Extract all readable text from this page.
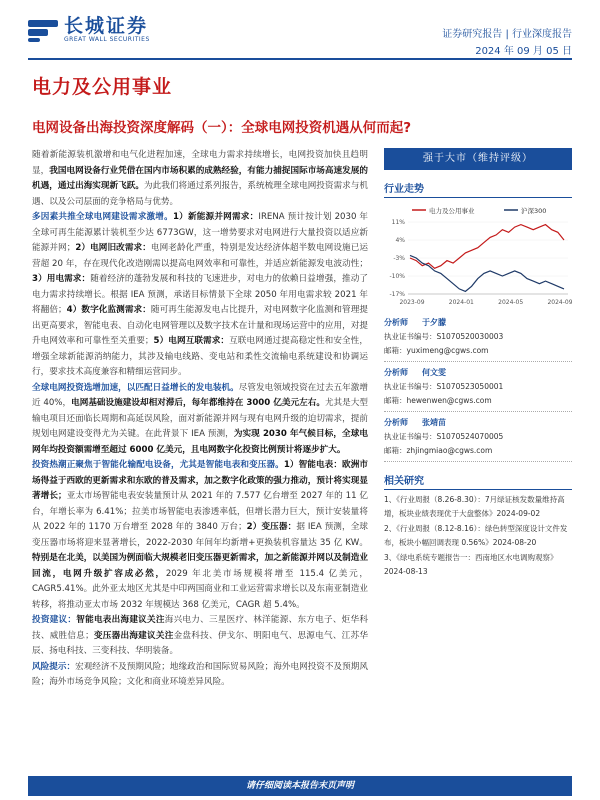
长城证券
GREAT WALL SECURITIES	证券研究报告 | 行业深度报告
2024 年 09 月 05 日
电力及公用事业
电网设备出海投资深度解码（一）：全球电网投资机遇从何而起?

随着新能源装机激增和电气化进程加速，全球电力需求持续增长，电网投资加快且趋明显，我国电网设备行业凭借在国内市场积累的成熟经验，有能力捕捉国际市场高速发展的机遇，通过出海实现新飞跃。为此我们将通过系列报告，系统梳理全球电网投资需求与机遇、以及公司层面的竞争格局与优势。

多因素共推全球电网建设需求激增。1）新能源并网需求：IRENA 预计按计划 2030 年全球可再生能源累计装机至少达 6773GW，这一增势要求对电网进行大量投资以适应新能源并网；2）电网旧改需求：电网老龄化严重，特别是发达经济体超半数电网设施已运营超 20 年，存在现代化改造刚需以提高电网效率和可靠性，并适应新能源发电波动性；3）用电需求：随着经济的蓬勃发展和科技的飞速进步，对电力的依赖日益增强，推动了电力需求持续增长。根据 IEA 预测，承诺目标情景下全球 2050 年用电需求较 2021 年将翻倍；4）数字化监测需求：随可再生能源发电占比提升，对电网数字化监测和管理提出更高要求，智能电表、自动化电网管理以及数字技术在计量和现场运营中的应用，对提升电网效率和可靠性至关重要；5）电网互联需求：互联电网通过提高稳定性和安全性，增强全球新能源消纳能力，其涉及输电线路、变电站和柔性交流输电系统建设和协调运行，要求技术高度兼容和精细运营同步。

全球电网投资选增加速，以匹配日益增长的发电装机。尽管发电领域投资在过去五年激增近 40%，电网基础设施建设却相对滞后，每年都维持在 3000 亿美元左右。尤其是大型输电项目还面临长周期和高延误风险，面对新能源并网与现有电网升级的迫切需求，提前规划电网建设变得尤为关键。在此背景下 IEA 预测，为实现 2030 年气候目标，全球电网年均投资额需增至超过 6000 亿美元，且电网数字化投资比例预计将逐步扩大。

投资热潮正聚焦于智能化输配电设备，尤其是智能电表和变压器。1）智能电表：欧洲市场得益于西欧的更新需求和东欧的普及需求，加之数字化政策的强力推动，预计将实现显著增长；亚太市场智能电表安装量预计从 2021 年的 7.577 亿台增至 2027 年的 11 亿台，年增长率为 6.41%；拉美市场智能电表渗透率低，但增长潜力巨大，预计安装量将从 2022 年的 1170 万台增至 2028 年的 3840 万台；2）变压器：据 IEA 预测，全球变压器市场将迎来显著增长，2022-2030 年间年均新增+更换装机容量达 35 亿 KW。特别是在北美，以美国为例面临大规模老旧变压器更新需求，加之新能源并网以及制造业回流，电网升级扩容成必然，2029 年北美市场规模将增至 115.4 亿美元，CAGR5.41%。此外亚太地区尤其是中印两国商业和工业运营需求增长以及东南亚制造业转移，将推动亚太市场 2032 年规模达 368 亿美元，CAGR 超 5.4%。

投资建议：智能电表出海建议关注海兴电力、三星医疗、林洋能源、东方电子、炬华科技、威胜信息；变压器出海建议关注金盘科技、伊戈尔、明阳电气、思源电气、江苏华辰、扬电科技、三变科技、华明装备。

风险提示：宏观经济不及预期风险；地缘政治和国际贸易风险；海外电网投资不及预期风险；海外市场竞争风险；文化和商业环境差异风险。

强于大市（维持评级）
行业走势
电力及公用事业	沪深300
11%
4%
-3%
-10%
-17%
2023-09	2024-01	2024-05	2024-09
分析师 于夕朦
执业证书编号：S1070520030003
邮箱：yuximeng@cgws.com
分析师 何文雯
执业证书编号：S1070523050001
邮箱：hewenwen@cgws.com
分析师 张靖苗
执业证书编号：S1070524070005
邮箱：zhjingmiao@cgws.com
相关研究
1、《行业周报（8.26-8.30）：7月绿证核发数量维持高增，板块业绩表现优于大盘整体》2024-09-02
2、《行业周报（8.12-8.16）：绿色转型深度设计文件发布，板块小幅回调表现 0.56%》2024-08-20
3、《绿电系统专题报告一：西南地区水电调购观察》2024-08-13
请仔细阅读本报告末页声明
